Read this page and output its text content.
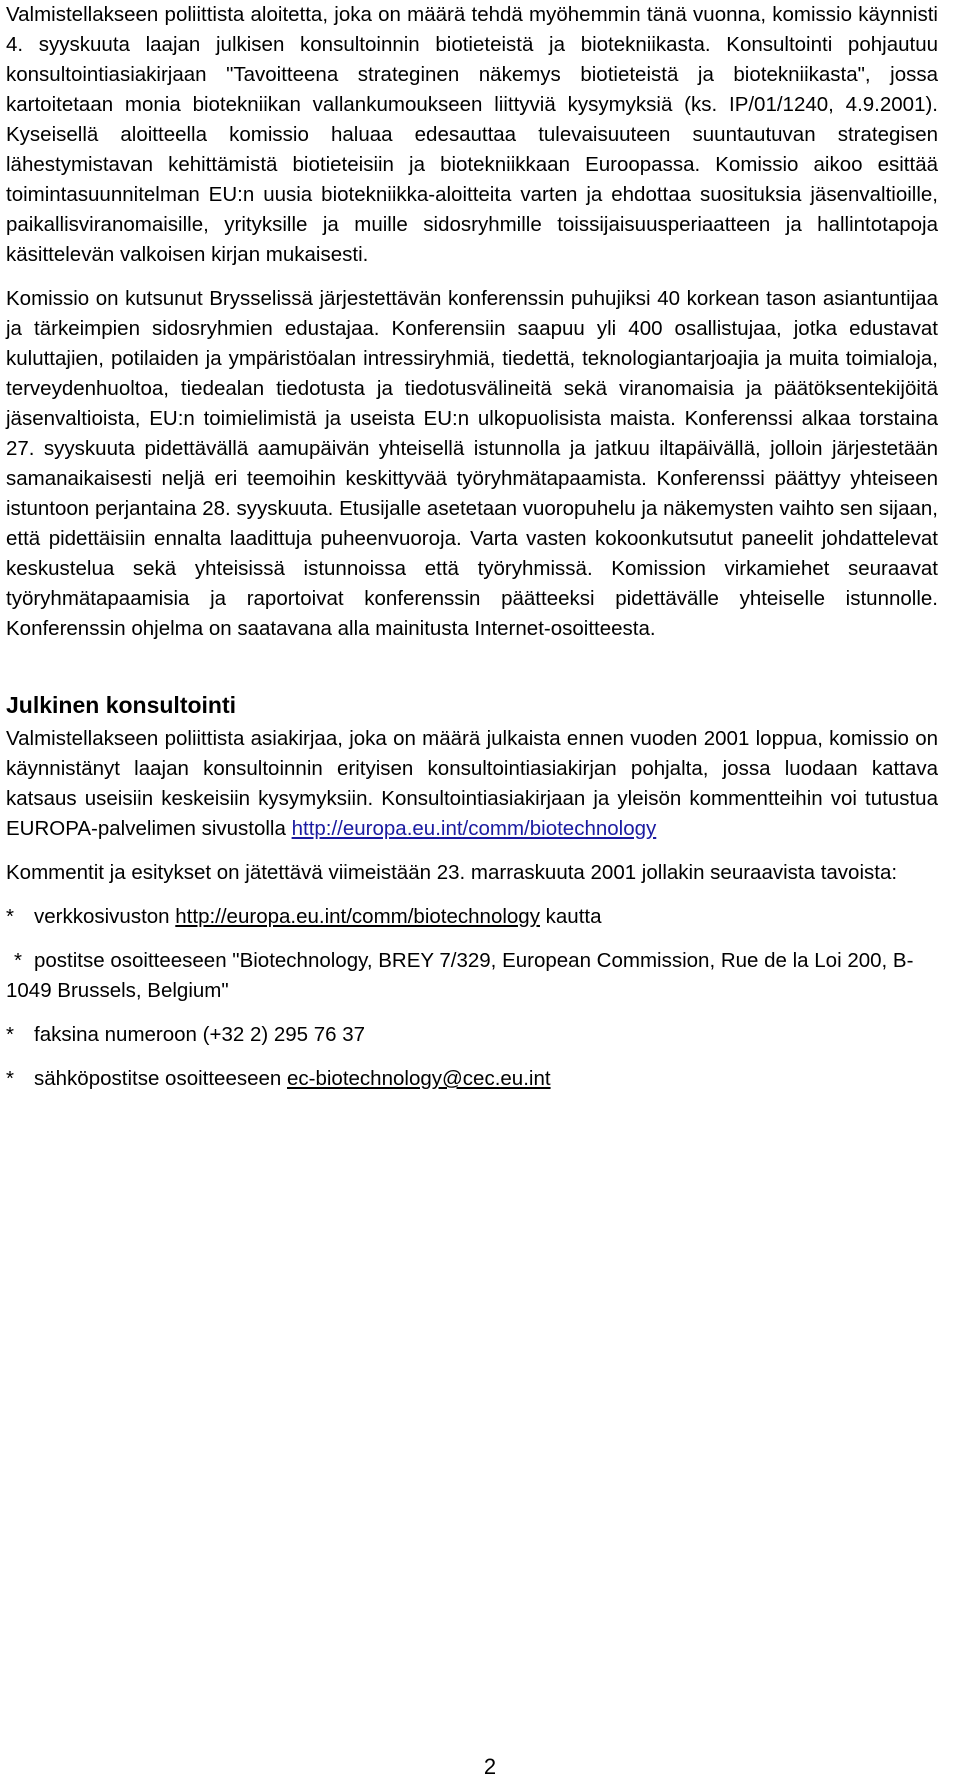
Valmistellakseen poliittista aloitetta, joka on määrä tehdä myöhemmin tänä vuonna, komissio käynnisti 4. syyskuuta laajan julkisen konsultoinnin biotieteistä ja biotekniikasta. Konsultointi pohjautuu konsultointiasiakirjaan "Tavoitteena strateginen näkemys biotieteistä ja biotekniikasta", jossa kartoitetaan monia biotekniikan vallankumoukseen liittyviä kysymyksiä (ks. IP/01/1240, 4.9.2001). Kyseisellä aloitteella komissio haluaa edesauttaa tulevaisuuteen suuntautuvan strategisen lähestymistavan kehittämistä biotieteisiin ja biotekniikkaan Euroopassa. Komissio aikoo esittää toimintasuunnitelman EU:n uusia biotekniikka-aloitteita varten ja ehdottaa suosituksia jäsenvaltioille, paikallisviranomaisille, yrityksille ja muille sidosryhmille toissijaisuusperiaatteen ja hallintotapoja käsittelevän valkoisen kirjan mukaisesti.

Komissio on kutsunut Brysselissä järjestettävän konferenssin puhujiksi 40 korkean tason asiantuntijaa ja tärkeimpien sidosryhmien edustajaa. Konferensiin saapuu yli 400 osallistujaa, jotka edustavat kuluttajien, potilaiden ja ympäristöalan intressiryhmiä, tiedettä, teknologiantarjoajia ja muita toimialoja, terveydenhuoltoa, tiedealan tiedotusta ja tiedotusvälineitä sekä viranomaisia ja päätöksentekijöitä jäsenvaltioista, EU:n toimielimistä ja useista EU:n ulkopuolisista maista. Konferenssi alkaa torstaina 27. syyskuuta pidettävällä aamupäivän yhteisellä istunnolla ja jatkuu iltapäivällä, jolloin järjestetään samanaikaisesti neljä eri teemoihin keskittyvää työryhmätapaamista. Konferenssi päättyy yhteiseen istuntoon perjantaina 28. syyskuuta. Etusijalle asetetaan vuoropuhelu ja näkemysten vaihto sen sijaan, että pidettäisiin ennalta laadittuja puheenvuoroja. Varta vasten kokoonkutsutut paneelit johdattelevat keskustelua sekä yhteisissä istunnoissa että työryhmissä. Komission virkamiehet seuraavat työryhmätapaamisia ja raportoivat konferenssin päätteeksi pidettävälle yhteiselle istunnolle. Konferenssin ohjelma on saatavana alla mainitusta Internet-osoitteesta.

Julkinen konsultointi

Valmistellakseen poliittista asiakirjaa, joka on määrä julkaista ennen vuoden 2001 loppua, komissio on käynnistänyt laajan konsultoinnin erityisen konsultointiasiakirjan pohjalta, jossa luodaan kattava katsaus useisiin keskeisiin kysymyksiin. Konsultointiasiakirjaan ja yleisön kommentteihin voi tutustua EUROPA-palvelimen sivustolla http://europa.eu.int/comm/biotechnology

Kommentit ja esitykset on jätettävä viimeistään 23. marraskuuta 2001 jollakin seuraavista tavoista:

* verkkosivuston http://europa.eu.int/comm/biotechnology kautta
* postitse osoitteeseen "Biotechnology, BREY 7/329, European Commission, Rue de la Loi 200, B-1049 Brussels, Belgium"
* faksina numeroon (+32 2) 295 76 37
* sähköpostitse osoitteeseen ec-biotechnology@cec.eu.int
2
